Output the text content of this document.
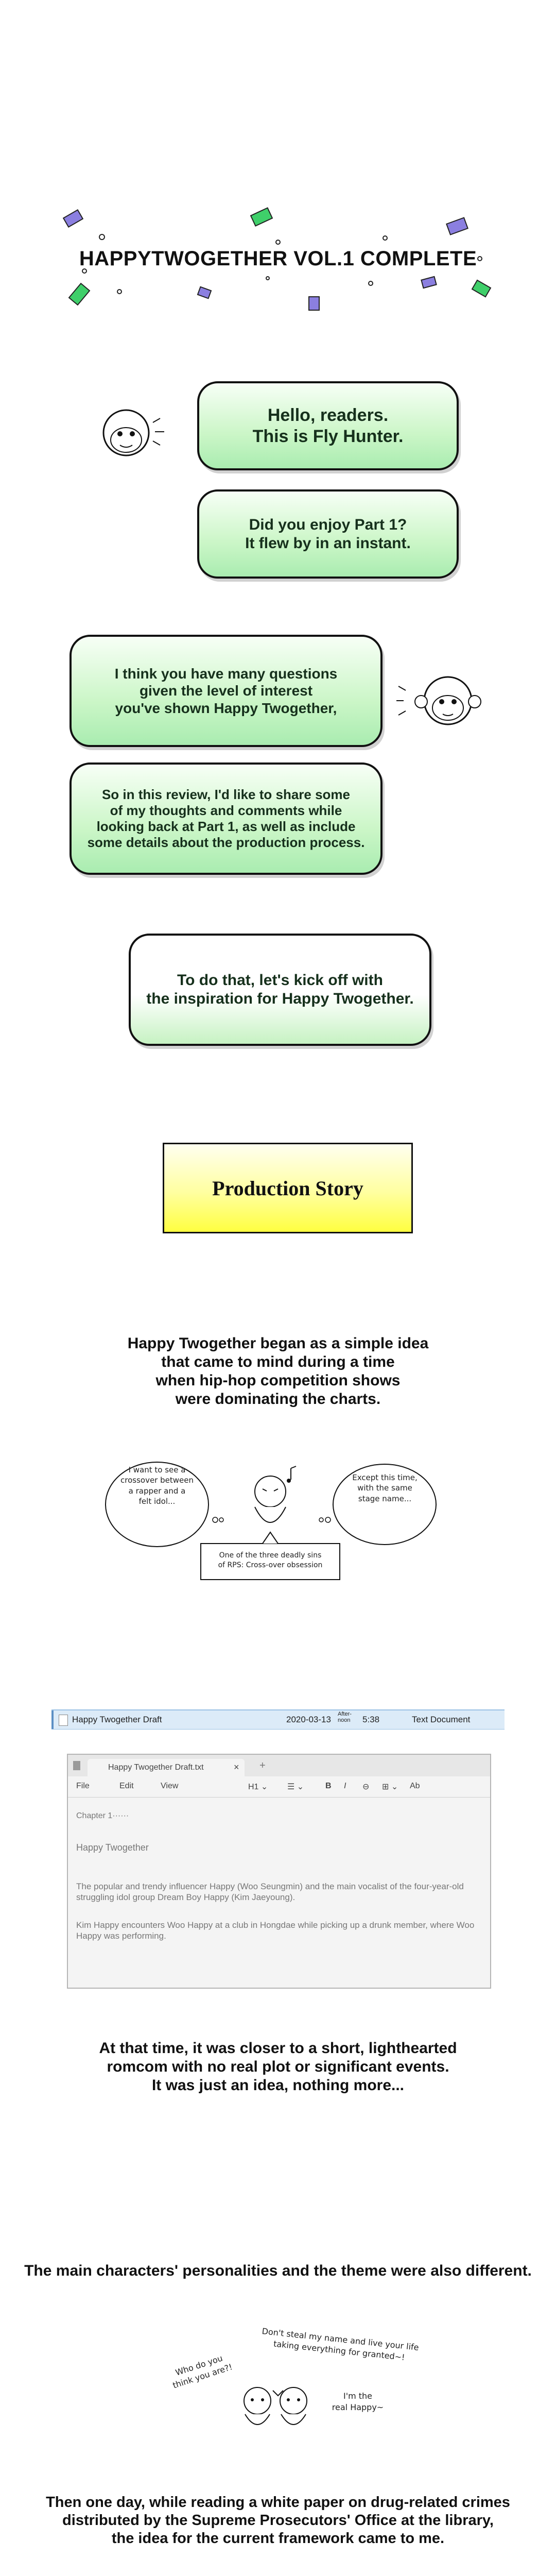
HAPPYTWOGETHER VOL.1 COMPLETE
Hello, readers.
This is Fly Hunter.
Did you enjoy Part 1?
It flew by in an instant.
I think you have many questions
given the level of interest
you've shown Happy Twogether,
So in this review, I'd like to share some
of my thoughts and comments while
looking back at Part 1, as well as include
some details about the production process.
To do that, let's kick off with
the inspiration for Happy Twogether.
Production Story
Happy Twogether began as a simple idea
that came to mind during a time
when hip-hop competition shows
were dominating the charts.
I want to see a
crossover between
a rapper and a
felt idol...
Except this time,
with the same
stage name...
One of the three deadly sins
of RPS: Cross-over obsession
Happy Twogether Draft	2020-03-13
After-
noon 5:38	Text Document
Happy Twogether Draft.txt	× +
File	Edit	View	H1 ⌄ ☰ ⌄	B I ⊖ ⊞ ⌄ Ab
Chapter 1······
Happy Twogether
The popular and trendy influencer Happy (Woo Seungmin) and the main vocalist of the four-year-old struggling idol group Dream Boy Happy (Kim Jaeyoung).
Kim Happy encounters Woo Happy at a club in Hongdae while picking up a drunk member, where Woo Happy was performing.
At that time, it was closer to a short, lighthearted
romcom with no real plot or significant events.
It was just an idea, nothing more...
The main characters' personalities and the theme were also different.
Who do you
think you are?!
Don't steal my name and live your life
taking everything for granted~!
I'm the
real Happy~
Then one day, while reading a white paper on drug-related crimes
distributed by the Supreme Prosecutors' Office at the library,
the idea for the current framework came to me.
